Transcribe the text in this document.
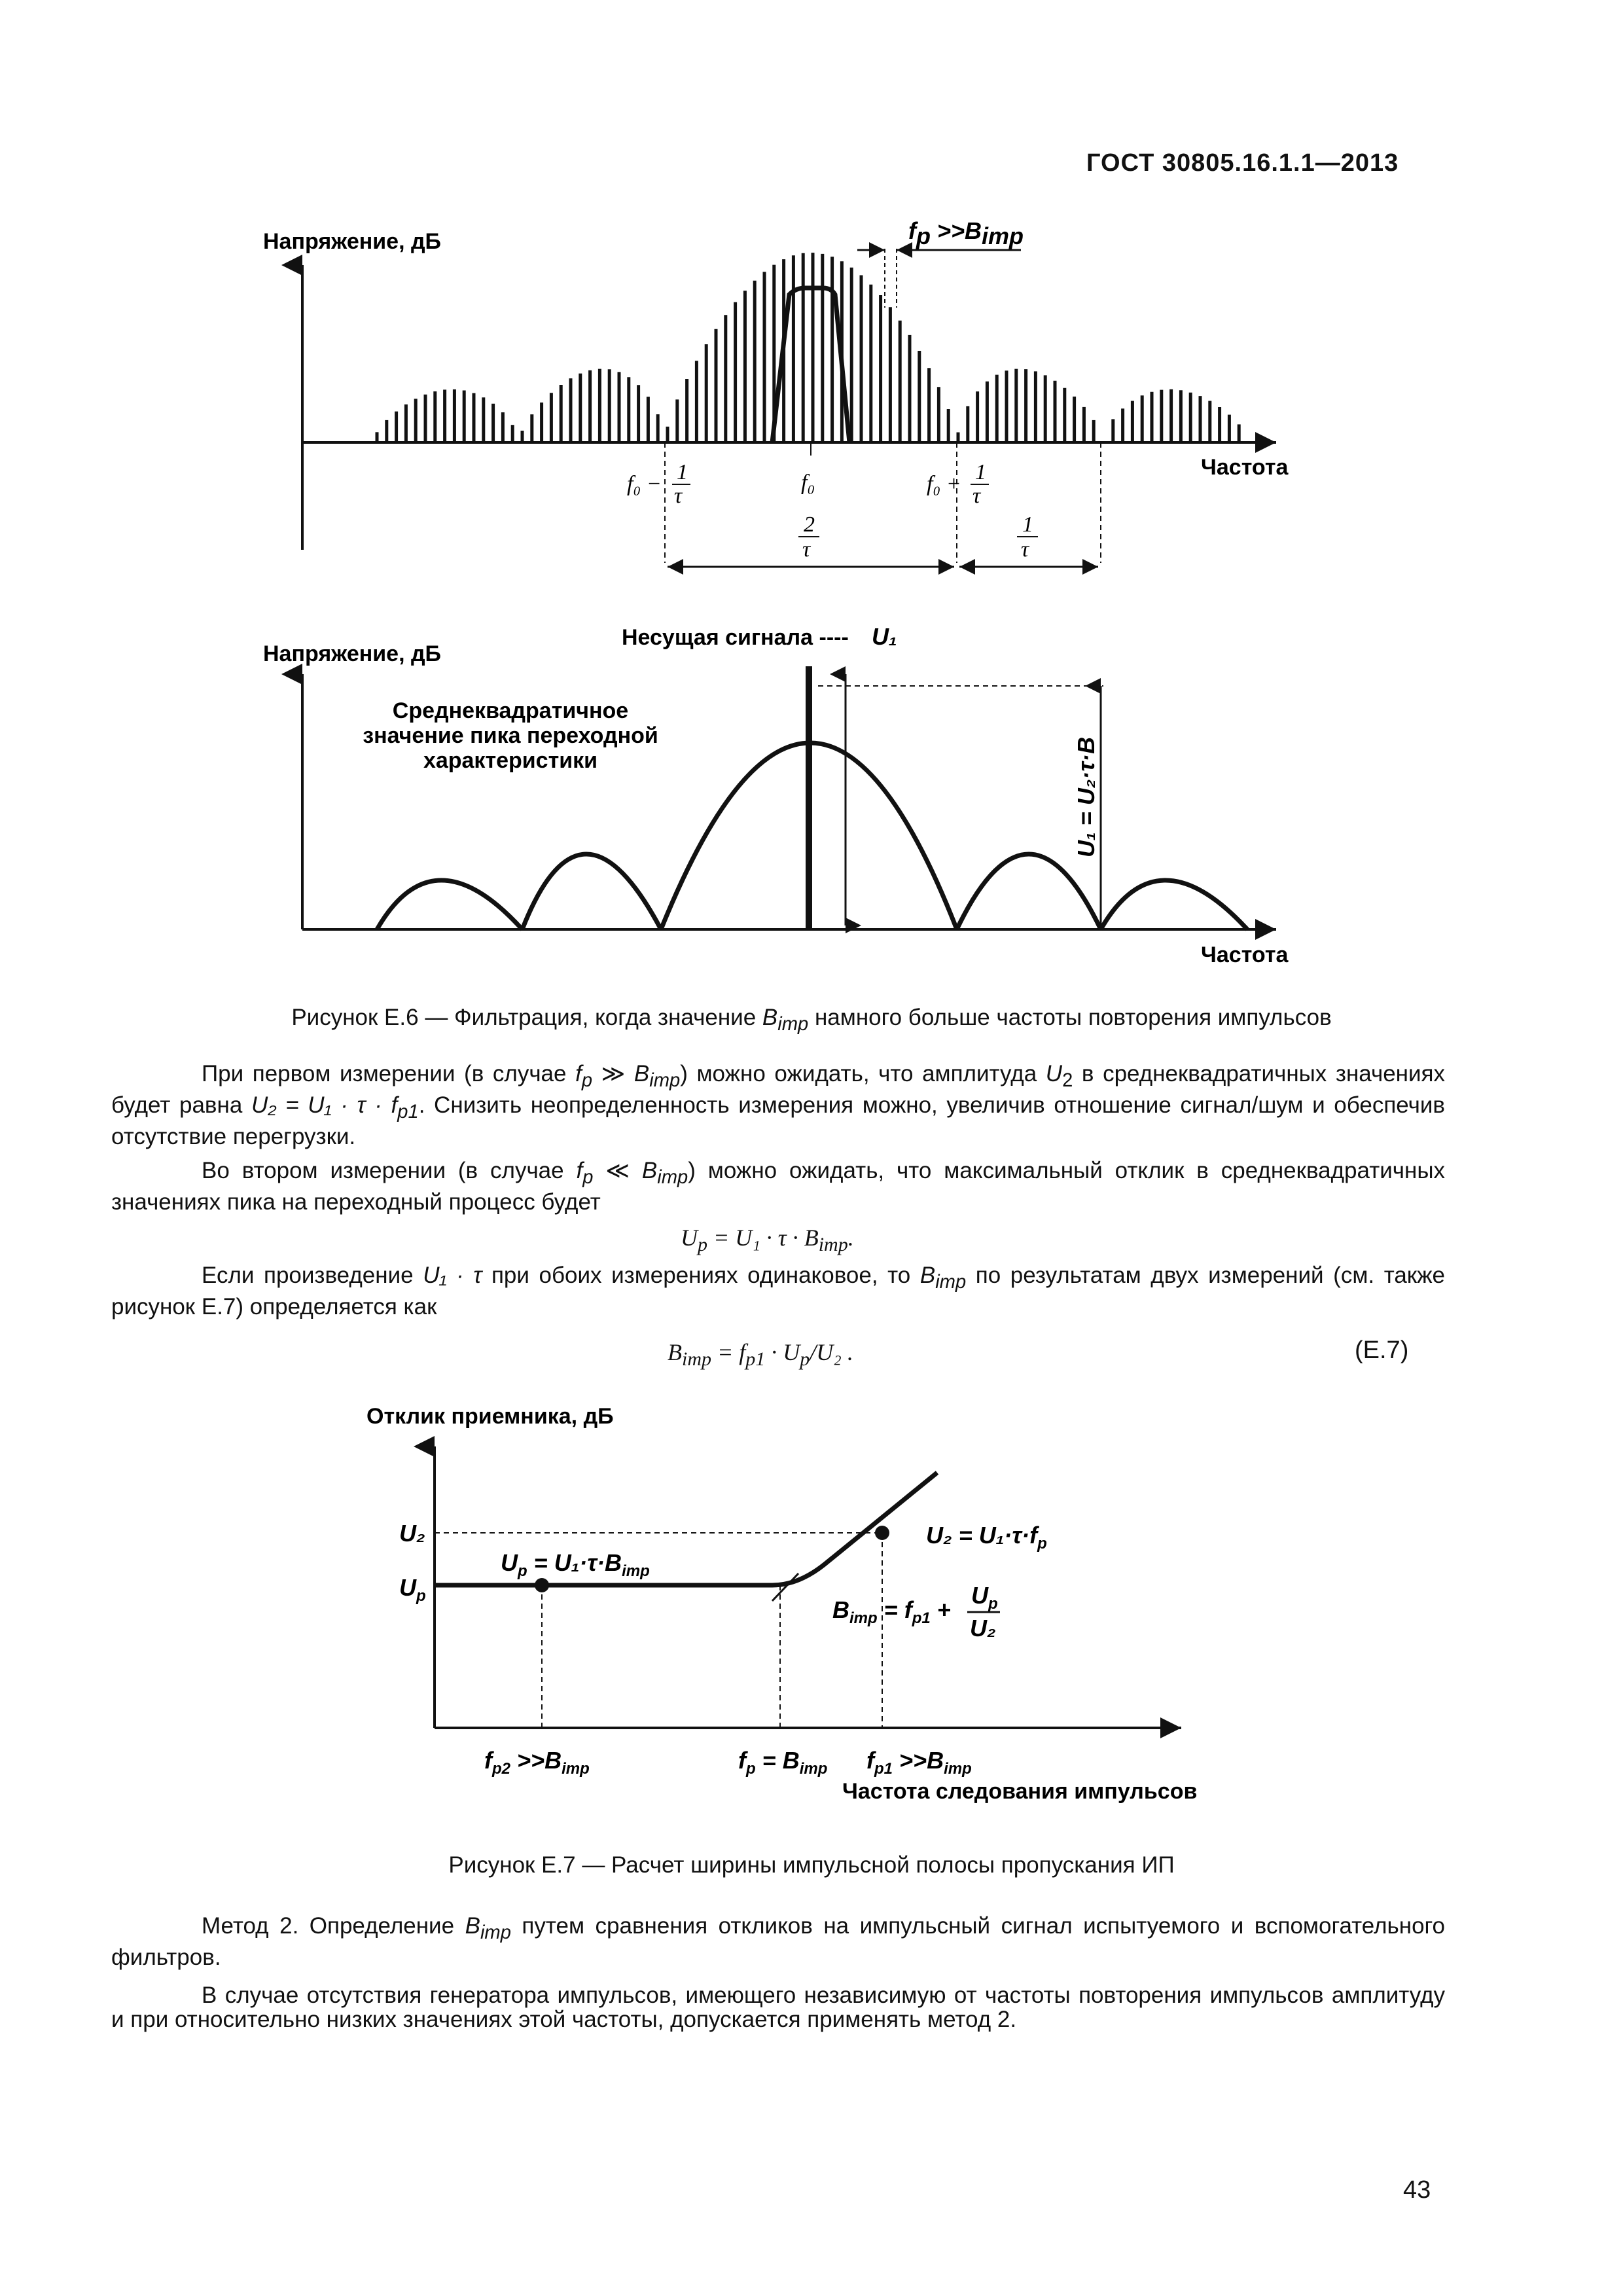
ГОСТ 30805.16.1.1—2013
Напряжение, дБ
Частота
fp >>Bimp
f₀ − 1
τ
f₀	f₀ + 1
τ
2
τ
1
τ
Напряжение, дБ
Частота
Несущая сигнала ---- U₁
U₁ = U₂·τ·B
Среднеквадратичное
значение пика переходной
характеристики
Рисунок Е.6 — Фильтрация, когда значение $B_{imp}$ намного больше частоты повторения импульсов
При первом измерении (в случае $f_p$ ≫ $B_{imp}$) можно ожидать, что амплитуда $U_2$ в среднеквадратичных значениях будет равна $U_2 = U_1 \cdot \tau \cdot f_{p1}$. Снизить неопределенность измерения можно, увеличив отношение сигнал/шум и обеспечив отсутствие перегрузки.
Во втором измерении (в случае $f_p$ ≪ $B_{imp}$) можно ожидать, что максимальный отклик в среднеквадратичных значениях пика на переходный процесс будет
$U_p = U_1 \cdot \tau \cdot B_{imp}$.
Если произведение U₁ · τ при обоих измерениях одинаковое, то $B_{imp}$ по результатам двух измерений (см. также рисунок Е.7) определяется как
$B_{imp} = f_{p1} \cdot U_p/U_2$ .	(E.7)
Отклик приемника, дБ
U₂
$U_p$
$U_p = U_1\cdot\tau\cdot B_{imp}$
$U_2 = U_1\cdot\tau\cdot f_p$
$B_{imp} = f_{p1}$ +
$U_p$
U₂
$f_{p2} >>B_{imp}$	$f_p = B_{imp}$ $f_{p1} >>B_{imp}$
Частота следования импульсов
Рисунок Е.7 — Расчет ширины импульсной полосы пропускания ИП
Метод 2. Определение $B_{imp}$ путем сравнения откликов на импульсный сигнал испытуемого и вспомогательного фильтров.
В случае отсутствия генератора импульсов, имеющего независимую от частоты повторения импульсов амплитуду и при относительно низких значениях этой частоты, допускается применять метод 2.
43
